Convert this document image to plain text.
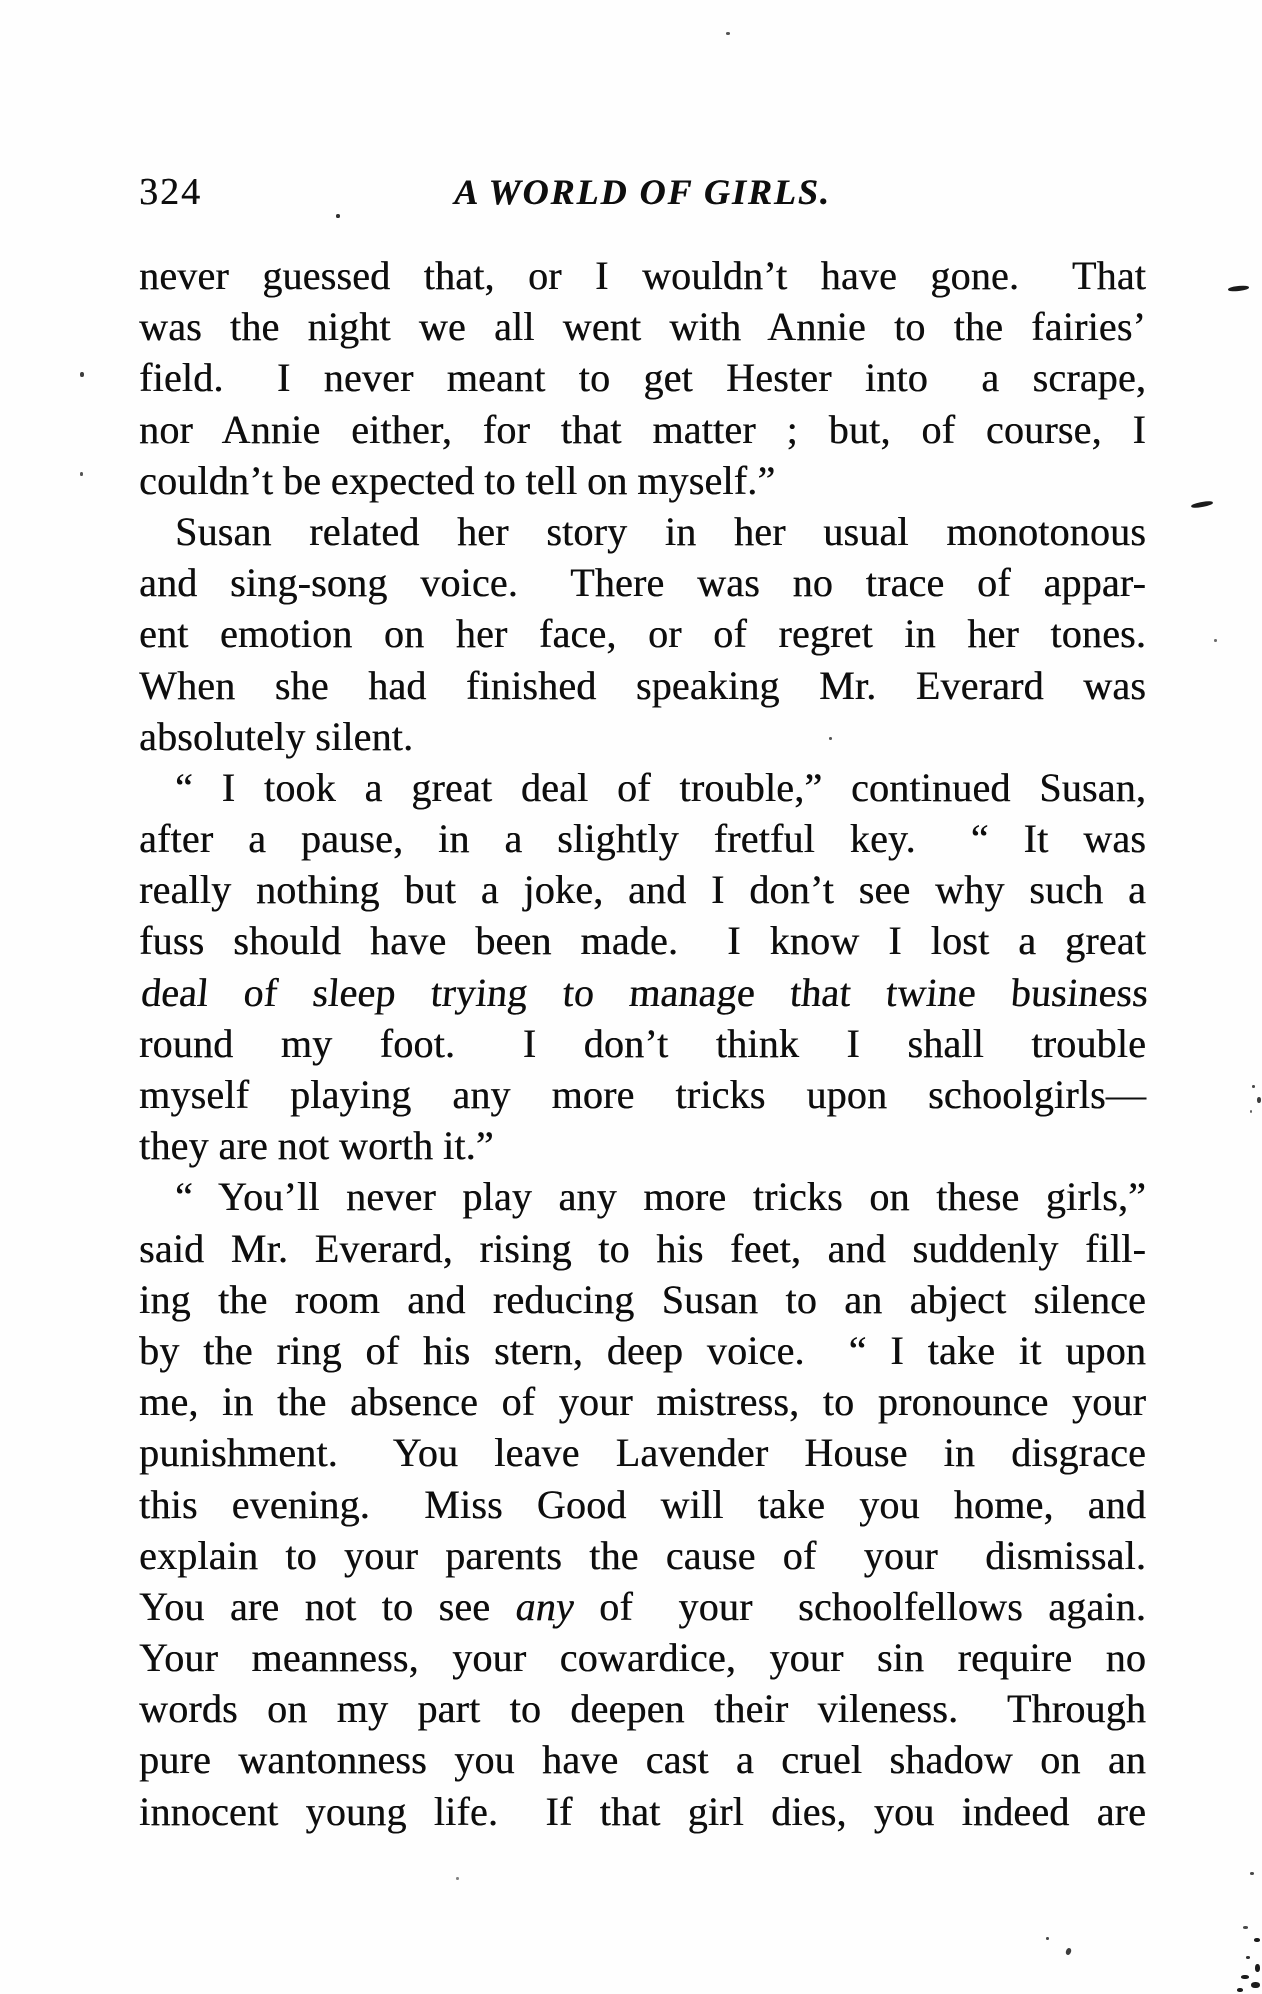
324	A WORLD OF GIRLS.
never guessed that, or I wouldn’t have gone.  That
was the night we all went with Annie to the fairies’
field.  I never meant to get Hester into  a scrape,
nor Annie either, for that matter ; but, of course, I
couldn’t be expected to tell on myself.”
Susan related her story in her usual monotonous
and sing-song voice.  There was no trace of appar-
ent emotion on her face, or of regret in her tones.
When she had finished speaking Mr. Everard was
absolutely silent.
“ I took a great deal of trouble,” continued Susan,
after a pause, in a slightly fretful key.  “ It was
really nothing but a joke, and I don’t see why such a
fuss should have been made.  I know I lost a great
deal of sleep trying to manage that twine business
round my foot.  I don’t think I shall trouble
myself playing any more tricks upon schoolgirls—
they are not worth it.”
“ You’ll never play any more tricks on these girls,”
said Mr. Everard, rising to his feet, and suddenly fill-
ing the room and reducing Susan to an abject silence
by the ring of his stern, deep voice.  “ I take it upon
me, in the absence of your mistress, to pronounce your
punishment.  You leave Lavender House in disgrace
this evening.  Miss Good will take you home, and
explain to your parents the cause of  your  dismissal.
You are not to see any of  your  schoolfellows again.
Your meanness, your cowardice, your sin require no
words on my part to deepen their vileness.  Through
pure wantonness you have cast a cruel shadow on an
innocent young life.  If that girl dies, you indeed are
